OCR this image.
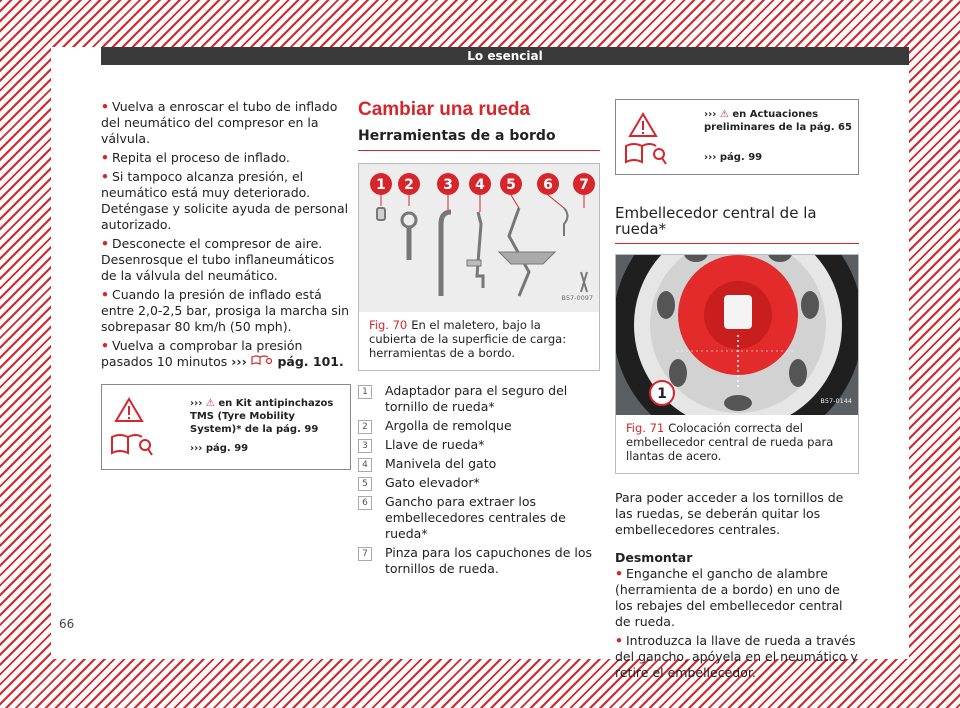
Lo esencial
• Vuelva a enroscar el tubo de inflado del neumático del compresor en la válvula.
• Repita el proceso de inflado.
• Si tampoco alcanza presión, el neumático está muy deteriorado. Deténgase y solicite ayuda de personal autorizado.
• Desconecte el compresor de aire. Desenrosque el tubo inflaneumáticos de la válvula del neumático.
• Cuando la presión de inflado está entre 2,0-2,5 bar, prosiga la marcha sin sobrepasar 80 km/h (50 mph).
• Vuelva a comprobar la presión pasados 10 minutos ›››  pág. 101.
››› ⚠ en Kit antipinchazos TMS (Tyre Mobility System)* de la pág. 99
››› pág. 99
Cambiar una rueda
Herramientas de a bordo
1 2 3 4 5 6 7
B57-0097
Fig. 70 En el maletero, bajo la cubierta de la superficie de carga: herramientas de a bordo.
1	Adaptador para el seguro del tornillo de rueda*
2	Argolla de remolque
3	Llave de rueda*
4	Manivela del gato
5	Gato elevador*
6	Gancho para extraer los embellecedores centrales de rueda*
7	Pinza para los capuchones de los tornillos de rueda.
››› ⚠ en Actuaciones preliminares de la pág. 65
››› pág. 99
Embellecedor central de la rueda*
1	B57-0144
Fig. 71 Colocación correcta del embellecedor central de rueda para llantas de acero.
Para poder acceder a los tornillos de las ruedas, se deberán quitar los embellecedores centrales.
Desmontar
• Enganche el gancho de alambre (herramienta de a bordo) en uno de los rebajes del embellecedor central de rueda.
• Introduzca la llave de rueda a través del gancho, apóyela en el neumático y retire el embellecedor.
66
